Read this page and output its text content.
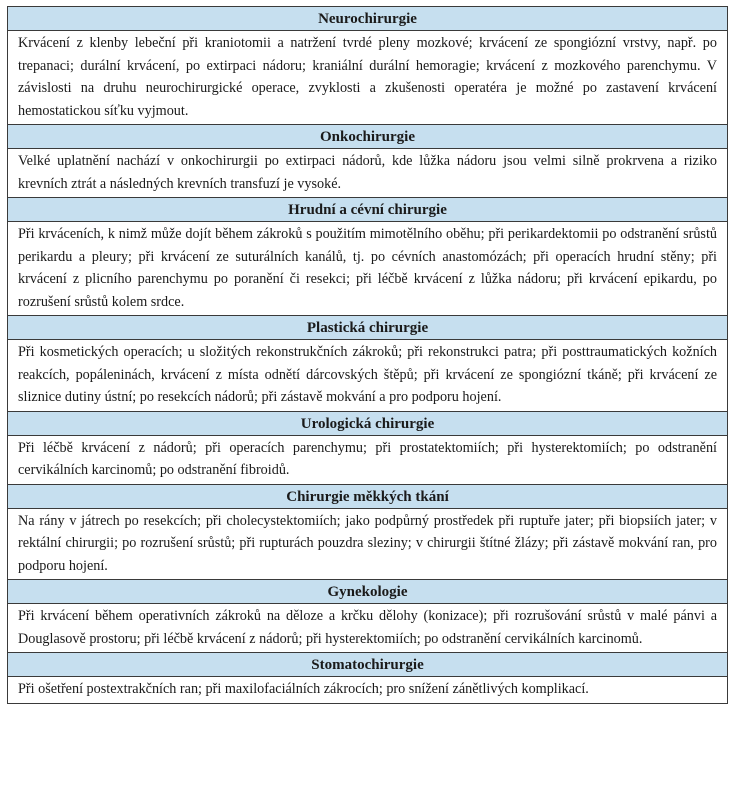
Neurochirurgie
Krvácení z klenby lebeční při kraniotomii a natržení tvrdé pleny mozkové; krvácení ze spongiózní vrstvy, např. po trepanaci; durální krvácení, po extirpaci nádoru; kraniální durální hemoragie; krvácení z mozkového parenchymu. V závislosti na druhu neurochirurgické operace, zvyklosti a zkušenosti operatéra je možné po zastavení krvácení hemostatickou síťku vyjmout.
Onkochirurgie
Velké uplatnění nachází v onkochirurgii po extirpaci nádorů, kde lůžka nádoru jsou velmi silně prokrvena a riziko krevních ztrát a následných krevních transfuzí je vysoké.
Hrudní a cévní chirurgie
Při krváceních, k nimž může dojít během zákroků s použitím mimotělního oběhu; při perikardektomii po odstranění srůstů perikardu a pleury; při krvácení ze suturálních kanálů, tj. po cévních anastomózách; při operacích hrudní stěny; při krvácení z plicního parenchymu po poranění či resekci; při léčbě krvácení z lůžka nádoru; při krvácení epikardu, po rozrušení srůstů kolem srdce.
Plastická chirurgie
Při kosmetických operacích; u složitých rekonstrukčních zákroků; při rekonstrukci patra; při posttraumatických kožních reakcích, popáleninách, krvácení z místa odnětí dárcovských štěpů; při krvácení ze spongiózní tkáně; při krvácení ze sliznice dutiny ústní; po resekcích nádorů; při zástavě mokvání a pro podporu hojení.
Urologická chirurgie
Při léčbě krvácení z nádorů; při operacích parenchymu; při prostatektomiích; při hysterektomiích; po odstranění cervikálních karcinomů; po odstranění fibroidů.
Chirurgie měkkých tkání
Na rány v játrech po resekcích; při cholecystektomiích; jako podpůrný prostředek při ruptuře jater; při biopsiích jater; v rektální chirurgii; po rozrušení srůstů; při rupturách pouzdra sleziny; v chirurgii štítné žlázy; při zástavě mokvání ran, pro podporu hojení.
Gynekologie
Při krvácení během operativních zákroků na děloze a krčku dělohy (konizace); při rozrušování srůstů v malé pánvi a Douglasově prostoru; při léčbě krvácení z nádorů; při hysterektomiích; po odstranění cervikálních karcinomů.
Stomatochirurgie
Při ošetření postextrakčních ran; při maxilofaciálních zákrocích; pro snížení zánětlivých komplikací.
